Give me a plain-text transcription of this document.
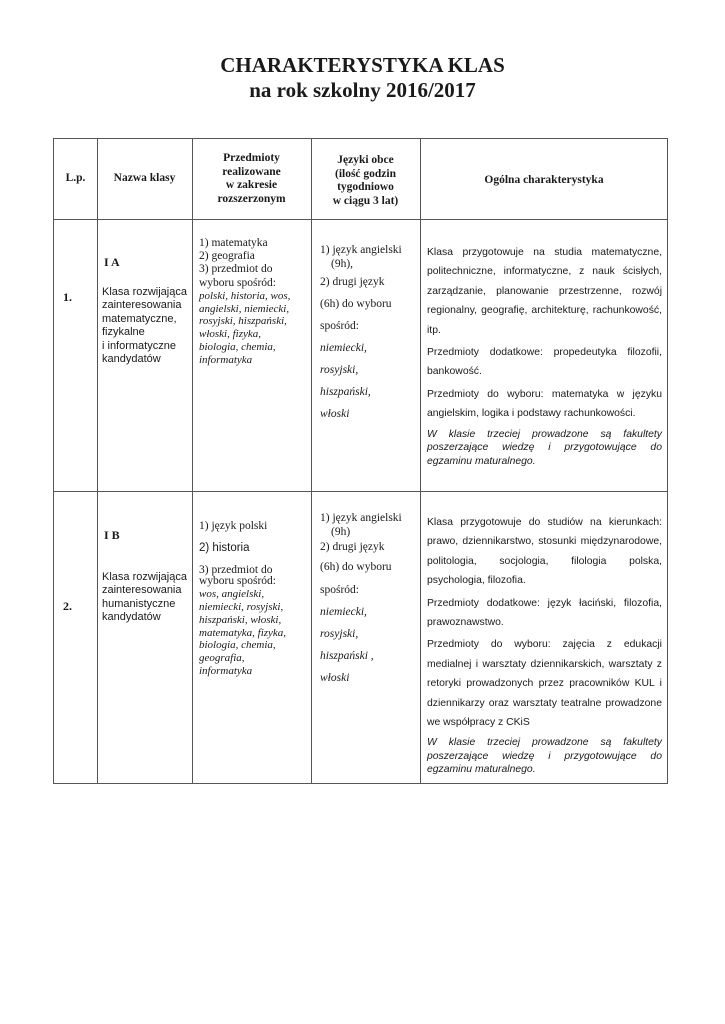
CHARAKTERYSTYKA KLAS
na rok szkolny 2016/2017
L.p.	Nazwa klasy
Przedmioty
realizowane
w zakresie
rozszerzonym
Języki obce
(ilość godzin
tygodniowo
w ciągu 3 lat)
Ogólna charakterystyka
1.
I A
Klasa rozwijająca
zainteresowania
matematyczne,
fizykalne
i informatyczne
kandydatów
1) matematyka
2) geografia
3) przedmiot do
wyboru spośród:
polski, historia, wos,
angielski, niemiecki,
rosyjski, hiszpański,
włoski, fizyka,
biologia, chemia,
informatyka
1) język angielski
(9h),
2) drugi język
(6h) do wyboru
spośród:
niemiecki,
rosyjski,
hiszpański,
włoski

Klasa przygotowuje na studia matematyczne, politechniczne, informatyczne, z nauk ścisłych, zarządzanie, planowanie przestrzenne, rozwój regionalny, geografię, architekturę, rachunkowość, itp.

Przedmioty dodatkowe: propedeutyka filozofii, bankowość.

Przedmioty do wyboru: matematyka w języku angielskim, logika i podstawy rachunkowości.

W klasie trzeciej prowadzone są fakultety poszerzające wiedzę i przygotowujące do egzaminu maturalnego.

2.
I B
Klasa rozwijająca
zainteresowania
humanistyczne
kandydatów
1) język polski
2) historia
3) przedmiot do
wyboru spośród:
wos, angielski,
niemiecki, rosyjski,
hiszpański, włoski,
matematyka, fizyka,
biologia, chemia,
geografia,
informatyka
1) język angielski
(9h)
2) drugi język
(6h) do wyboru
spośród:
niemiecki,
rosyjski,
hiszpański ,
włoski

Klasa przygotowuje do studiów na kierunkach: prawo, dziennikarstwo, stosunki międzynarodowe, politologia, socjologia, filologia polska, psychologia, filozofia.

Przedmioty dodatkowe: język łaciński, filozofia, prawoznawstwo.

Przedmioty do wyboru: zajęcia z edukacji medialnej i warsztaty dziennikarskich, warsztaty z retoryki prowadzonych przez pracowników KUL i dziennikarzy oraz warsztaty teatralne prowadzone we współpracy z CKiS

W klasie trzeciej prowadzone są fakultety poszerzające wiedzę i przygotowujące do egzaminu maturalnego.
